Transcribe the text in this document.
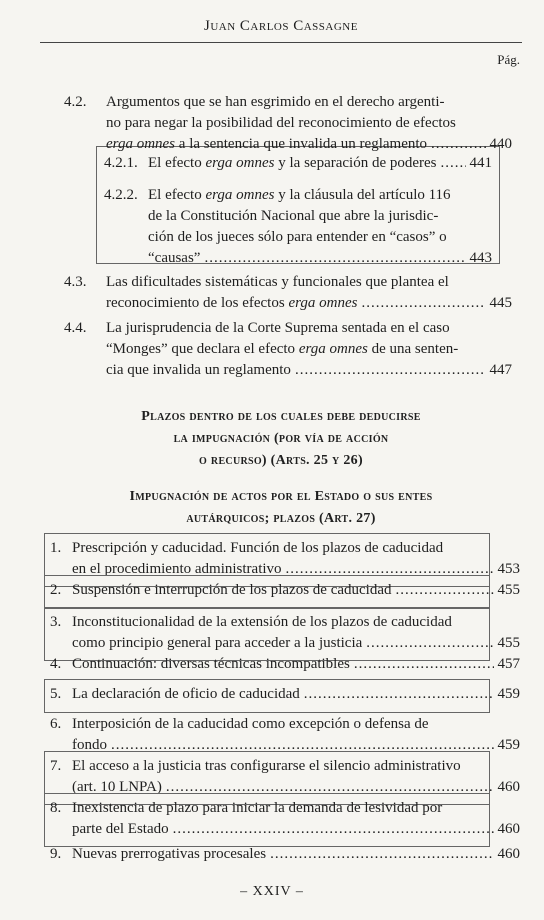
Juan Carlos Cassagne
Pág.
4.2. Argumentos que se han esgrimido en el derecho argenti-
no para negar la posibilidad del reconocimiento de efectos
erga omnes a la sentencia que invalida un reglamento .....	440
4.2.1. El efecto erga omnes y la separación de poderes ..... 441
4.2.2. El efecto erga omnes y la cláusula del artículo 116
de la Constitución Nacional que abre la jurisdic-
ción de los jueces sólo para entender en “casos” o
“causas” .....	443
4.3. Las dificultades sistemáticas y funcionales que plantea el
reconocimiento de los efectos erga omnes .....	445
4.4. La jurisprudencia de la Corte Suprema sentada en el caso
“Monges” que declara el efecto erga omnes de una senten-
cia que invalida un reglamento .....	447
Plazos dentro de los cuales debe deducirse
la impugnación (por vía de acción
o recurso) (Arts. 25 y 26)
Impugnación de actos por el Estado o sus entes
autárquicos; plazos (Art. 27)
1. Prescripción y caducidad. Función de los plazos de caducidad
en el procedimiento administrativo .....	453
2. Suspensión e interrupción de los plazos de caducidad .....	455
3. Inconstitucionalidad de la extensión de los plazos de caducidad
como principio general para acceder a la justicia .....	455
4. Continuación: diversas técnicas incompatibles .....	457
5. La declaración de oficio de caducidad .....	459
6. Interposición de la caducidad como excepción o defensa de
fondo .....	459
7. El acceso a la justicia tras configurarse el silencio administrativo
(art. 10 LNPA) .....	460
8. Inexistencia de plazo para iniciar la demanda de lesividad por
parte del Estado .....	460
9. Nuevas prerrogativas procesales .....	460
– XXIV –
